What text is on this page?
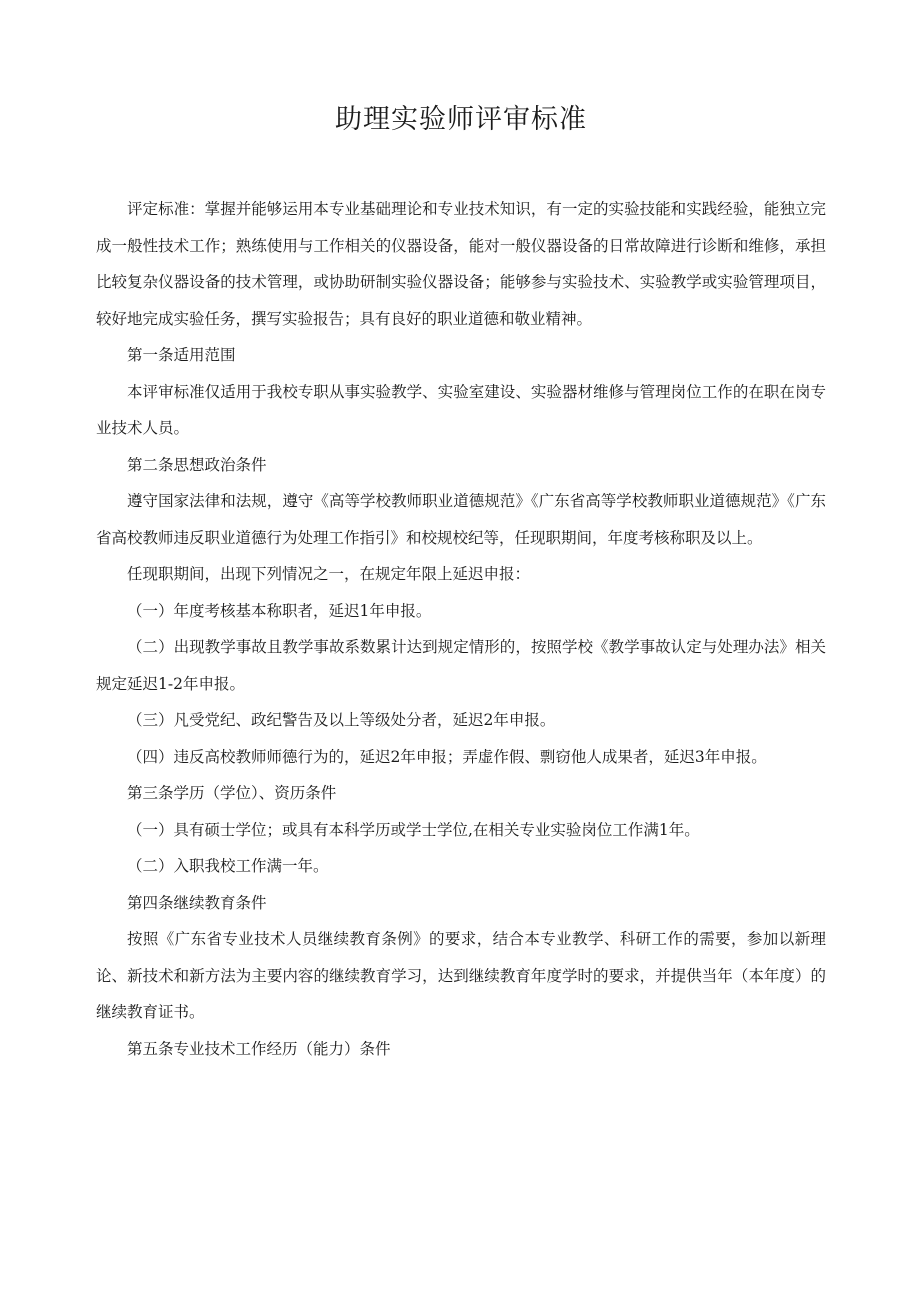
助理实验师评审标准

评定标准：掌握并能够运用本专业基础理论和专业技术知识，有一定的实验技能和实践经验，能独立完成一般性技术工作；熟练使用与工作相关的仪器设备，能对一般仪器设备的日常故障进行诊断和维修，承担比较复杂仪器设备的技术管理，或协助研制实验仪器设备；能够参与实验技术、实验教学或实验管理项目，较好地完成实验任务，撰写实验报告；具有良好的职业道德和敬业精神。

第一条适用范围

本评审标准仅适用于我校专职从事实验教学、实验室建设、实验器材维修与管理岗位工作的在职在岗专业技术人员。

第二条思想政治条件

遵守国家法律和法规，遵守《高等学校教师职业道德规范》《广东省高等学校教师职业道德规范》《广东省高校教师违反职业道德行为处理工作指引》和校规校纪等，任现职期间，年度考核称职及以上。

任现职期间，出现下列情况之一，在规定年限上延迟申报：

（一）年度考核基本称职者，延迟1年申报。

（二）出现教学事故且教学事故系数累计达到规定情形的，按照学校《教学事故认定与处理办法》相关规定延迟1-2年申报。

（三）凡受党纪、政纪警告及以上等级处分者，延迟2年申报。

（四）违反高校教师师德行为的，延迟2年申报；弄虚作假、剽窃他人成果者，延迟3年申报。

第三条学历（学位）、资历条件

（一）具有硕士学位；或具有本科学历或学士学位,在相关专业实验岗位工作满1年。

（二）入职我校工作满一年。

第四条继续教育条件

按照《广东省专业技术人员继续教育条例》的要求，结合本专业教学、科研工作的需要，参加以新理论、新技术和新方法为主要内容的继续教育学习，达到继续教育年度学时的要求，并提供当年（本年度）的继续教育证书。

第五条专业技术工作经历（能力）条件
